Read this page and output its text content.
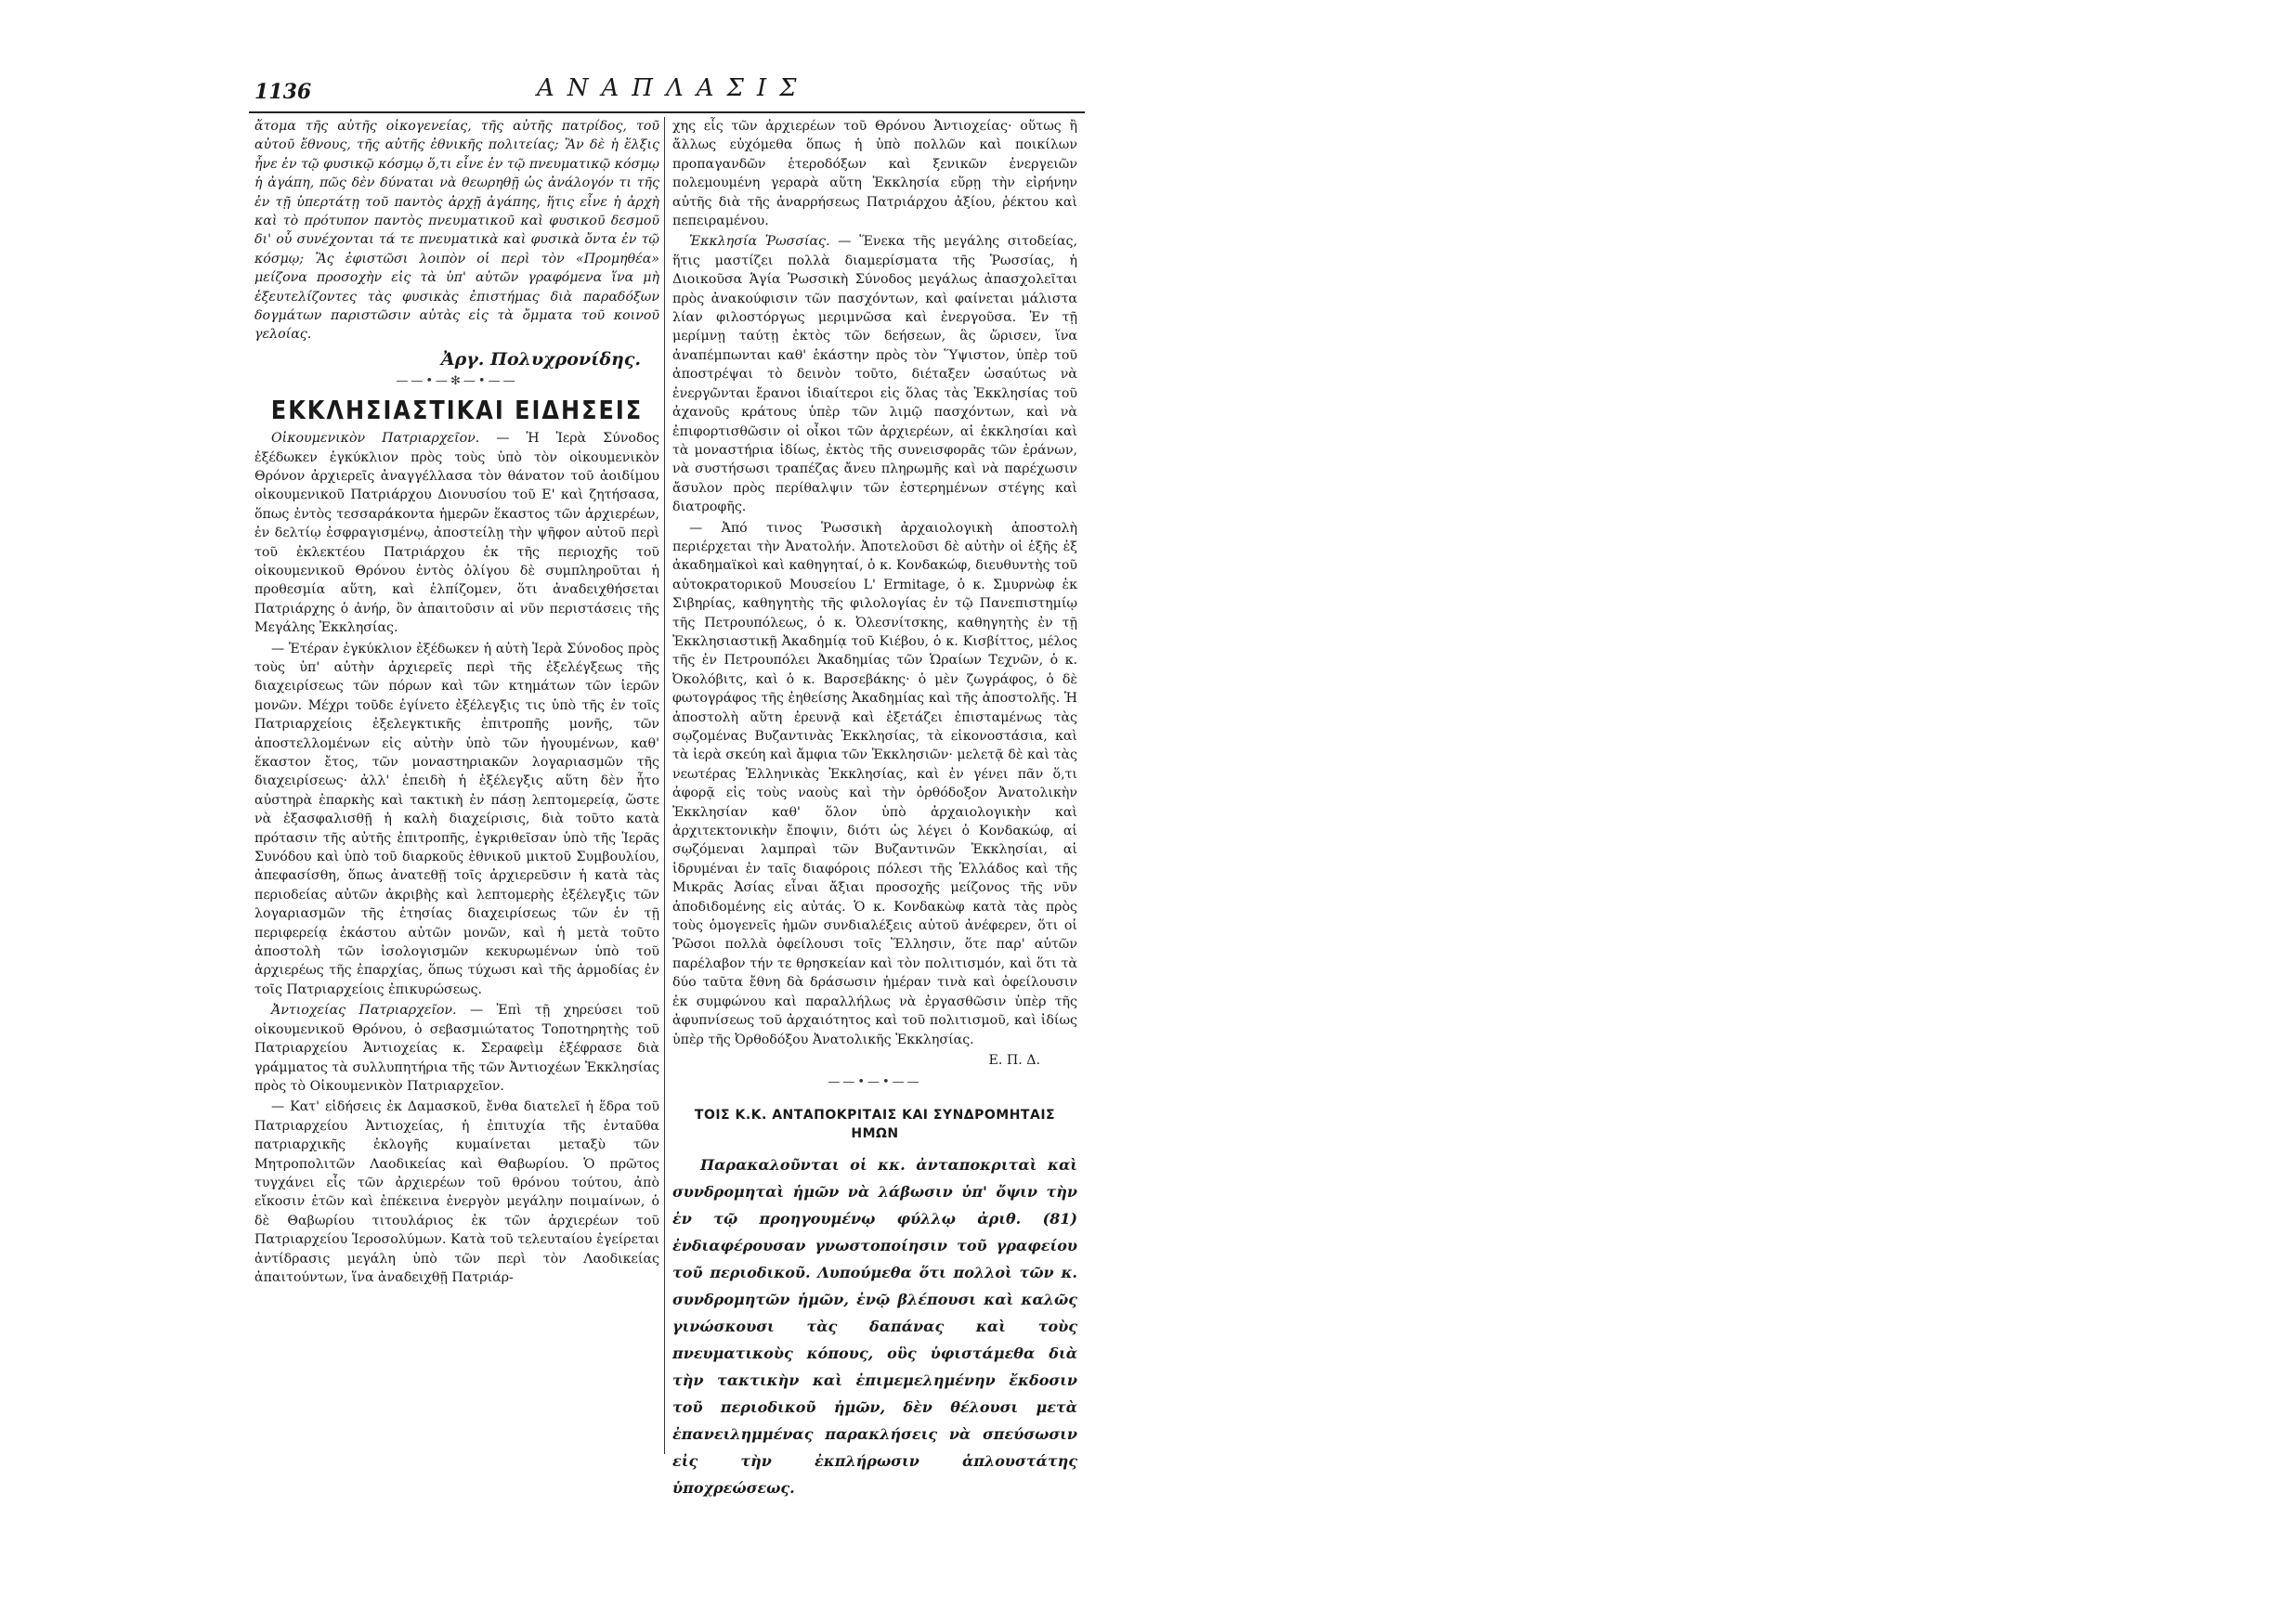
1136	ΑΝΑΠΛΑΣΙΣ

ἄτομα τῆς αὐτῆς οἰκογενείας, τῆς αὐτῆς πατρίδος, τοῦ αὐτοῦ ἔθνους, τῆς αὐτῆς ἐθνικῆς πολιτείας; Ἂν δὲ ἡ ἕλξις ἦνε ἐν τῷ φυσικῷ κόσμῳ ὅ,τι εἶνε ἐν τῷ πνευματικῷ κόσμῳ ἡ ἀγάπη, πῶς δὲν δύναται νὰ θεωρηθῇ ὡς ἀνάλογόν τι τῆς ἐν τῇ ὑπερτάτῃ τοῦ παντὸς ἀρχῇ ἀγάπης, ἥτις εἶνε ἡ ἀρχὴ καὶ τὸ πρότυπον παντὸς πνευματικοῦ καὶ φυσικοῦ δεσμοῦ δι' οὗ συνέχονται τά τε πνευματικὰ καὶ φυσικὰ ὄντα ἐν τῷ κόσμῳ; Ἂς ἐφιστῶσι λοιπὸν οἱ περὶ τὸν «Προμηθέα» μείζονα προσοχὴν εἰς τὰ ὑπ' αὐτῶν γραφόμενα ἵνα μὴ ἐξευτελίζοντες τὰς φυσικὰς ἐπιστήμας διὰ παραδόξων δογμάτων παριστῶσιν αὐτὰς εἰς τὰ ὄμματα τοῦ κοινοῦ γελοίας.

Ἀργ. Πολυχρονίδης.
——•—✻—•——
ΕΚΚΛΗΣΙΑΣΤΙΚΑΙ ΕΙΔΗΣΕΙΣ

Οἰκουμενικὸν Πατριαρχεῖον. — Ἡ Ἱερὰ Σύνοδος ἐξέδωκεν ἐγκύκλιον πρὸς τοὺς ὑπὸ τὸν οἰκουμενικὸν Θρόνον ἀρχιερεῖς ἀναγγέλλασα τὸν θάνατον τοῦ ἀοιδίμου οἰκουμενικοῦ Πατριάρχου Διονυσίου τοῦ Ε' καὶ ζητήσασα, ὅπως ἐντὸς τεσσαράκοντα ἡμερῶν ἕκαστος τῶν ἀρχιερέων, ἐν δελτίῳ ἐσφραγισμένῳ, ἀποστείλῃ τὴν ψῆφον αὐτοῦ περὶ τοῦ ἐκλεκτέου Πατριάρχου ἐκ τῆς περιοχῆς τοῦ οἰκουμενικοῦ Θρόνου ἐντὸς ὀλίγου δὲ συμπληροῦται ἡ προθεσμία αὕτη, καὶ ἐλπίζομεν, ὅτι ἀναδειχθήσεται Πατριάρχης ὁ ἀνήρ, ὃν ἀπαιτοῦσιν αἱ νῦν περιστάσεις τῆς Μεγάλης Ἐκκλησίας.

— Ἑτέραν ἐγκύκλιον ἐξέδωκεν ἡ αὐτὴ Ἱερὰ Σύνοδος πρὸς τοὺς ὑπ' αὐτὴν ἀρχιερεῖς περὶ τῆς ἐξελέγξεως τῆς διαχειρίσεως τῶν πόρων καὶ τῶν κτημάτων τῶν ἱερῶν μονῶν. Μέχρι τοῦδε ἐγίνετο ἐξέλεγξις τις ὑπὸ τῆς ἐν τοῖς Πατριαρχείοις ἐξελεγκτικῆς ἐπιτροπῆς μονῆς, τῶν ἀποστελλομένων εἰς αὐτὴν ὑπὸ τῶν ἡγουμένων, καθ' ἕκαστον ἔτος, τῶν μοναστηριακῶν λογαριασμῶν τῆς διαχειρίσεως· ἀλλ' ἐπειδὴ ἡ ἐξέλεγξις αὕτη δὲν ἦτο αὐστηρὰ ἐπαρκὴς καὶ τακτικὴ ἐν πάσῃ λεπτομερείᾳ, ὥστε νὰ ἐξασφαλισθῇ ἡ καλὴ διαχείρισις, διὰ τοῦτο κατὰ πρότασιν τῆς αὐτῆς ἐπιτροπῆς, ἐγκριθεῖσαν ὑπὸ τῆς Ἱερᾶς Συνόδου καὶ ὑπὸ τοῦ διαρκοῦς ἐθνικοῦ μικτοῦ Συμβουλίου, ἀπεφασίσθη, ὅπως ἀνατεθῇ τοῖς ἀρχιερεῦσιν ἡ κατὰ τὰς περιοδείας αὐτῶν ἀκριβὴς καὶ λεπτομερὴς ἐξέλεγξις τῶν λογαριασμῶν τῆς ἐτησίας διαχειρίσεως τῶν ἐν τῇ περιφερείᾳ ἑκάστου αὐτῶν μονῶν, καὶ ἡ μετὰ τοῦτο ἀποστολὴ τῶν ἰσολογισμῶν κεκυρωμένων ὑπὸ τοῦ ἀρχιερέως τῆς ἐπαρχίας, ὅπως τύχωσι καὶ τῆς ἁρμοδίας ἐν τοῖς Πατριαρχείοις ἐπικυρώσεως.

Ἀντιοχείας Πατριαρχεῖον. — Ἐπὶ τῇ χηρεύσει τοῦ οἰκουμενικοῦ Θρόνου, ὁ σεβασμιώτατος Τοποτηρητὴς τοῦ Πατριαρχείου Ἀντιοχείας κ. Σεραφεὶμ ἐξέφρασε διὰ γράμματος τὰ συλλυπητήρια τῆς τῶν Ἀντιοχέων Ἐκκλησίας πρὸς τὸ Οἰκουμενικὸν Πατριαρχεῖον.

— Κατ' εἰδήσεις ἐκ Δαμασκοῦ, ἔνθα διατελεῖ ἡ ἕδρα τοῦ Πατριαρχείου Ἀντιοχείας, ἡ ἐπιτυχία τῆς ἐνταῦθα πατριαρχικῆς ἐκλογῆς κυμαίνεται μεταξὺ τῶν Μητροπολιτῶν Λαοδικείας καὶ Θαβωρίου. Ὁ πρῶτος τυγχάνει εἷς τῶν ἀρχιερέων τοῦ θρόνου τούτου, ἀπὸ εἴκοσιν ἐτῶν καὶ ἐπέκεινα ἐνεργὸν μεγάλην ποιμαίνων, ὁ δὲ Θαβωρίου τιτουλάριος ἐκ τῶν ἀρχιερέων τοῦ Πατριαρχείου Ἱεροσολύμων. Κατὰ τοῦ τελευταίου ἐγείρεται ἀντίδρασις μεγάλη ὑπὸ τῶν περὶ τὸν Λαοδικείας ἀπαιτούντων, ἵνα ἀναδειχθῇ Πατριάρ-

χης εἷς τῶν ἀρχιερέων τοῦ Θρόνου Ἀντιοχείας· οὕτως ἢ ἄλλως εὐχόμεθα ὅπως ἡ ὑπὸ πολλῶν καὶ ποικίλων προπαγανδῶν ἑτεροδόξων καὶ ξενικῶν ἐνεργειῶν πολεμουμένη γεραρὰ αὕτη Ἐκκλησία εὕρῃ τὴν εἰρήνην αὐτῆς διὰ τῆς ἀναρρήσεως Πατριάρχου ἀξίου, ῥέκτου καὶ πεπειραμένου.

Ἐκκλησία Ῥωσσίας. — Ἕνεκα τῆς μεγάλης σιτοδείας, ἥτις μαστίζει πολλὰ διαμερίσματα τῆς Ῥωσσίας, ἡ Διοικοῦσα Ἁγία Ῥωσσικὴ Σύνοδος μεγάλως ἀπασχολεῖται πρὸς ἀνακούφισιν τῶν πασχόντων, καὶ φαίνεται μάλιστα λίαν φιλοστόργως μεριμνῶσα καὶ ἐνεργοῦσα. Ἐν τῇ μερίμνῃ ταύτῃ ἐκτὸς τῶν δεήσεων, ἃς ὥρισεν, ἵνα ἀναπέμπωνται καθ' ἑκάστην πρὸς τὸν Ὕψιστον, ὑπὲρ τοῦ ἀποστρέψαι τὸ δεινὸν τοῦτο, διέταξεν ὡσαύτως νὰ ἐνεργῶνται ἔρανοι ἰδιαίτεροι εἰς ὅλας τὰς Ἐκκλησίας τοῦ ἀχανοῦς κράτους ὑπὲρ τῶν λιμῷ πασχόντων, καὶ νὰ ἐπιφορτισθῶσιν οἱ οἶκοι τῶν ἀρχιερέων, αἱ ἐκκλησίαι καὶ τὰ μοναστήρια ἰδίως, ἐκτὸς τῆς συνεισφορᾶς τῶν ἐράνων, νὰ συστήσωσι τραπέζας ἄνευ πληρωμῆς καὶ νὰ παρέχωσιν ἄσυλον πρὸς περίθαλψιν τῶν ἐστερημένων στέγης καὶ διατροφῆς.

— Ἀπό τινος Ῥωσσικὴ ἀρχαιολογικὴ ἀποστολὴ περιέρχεται τὴν Ἀνατολήν. Ἀποτελοῦσι δὲ αὐτὴν οἱ ἑξῆς ἐξ ἀκαδημαϊκοὶ καὶ καθηγηταί, ὁ κ. Κονδακώφ, διευθυντὴς τοῦ αὐτοκρατορικοῦ Μουσείου L' Ermitage, ὁ κ. Σμυρνὼφ ἐκ Σιβηρίας, καθηγητὴς τῆς φιλολογίας ἐν τῷ Πανεπιστημίῳ τῆς Πετρουπόλεως, ὁ κ. Ὀλεσνίτσκης, καθηγητὴς ἐν τῇ Ἐκκλησιαστικῇ Ἀκαδημίᾳ τοῦ Κιέβου, ὁ κ. Κισβίττος, μέλος τῆς ἐν Πετρουπόλει Ἀκαδημίας τῶν Ὡραίων Τεχνῶν, ὁ κ. Ὀκολόβιτς, καὶ ὁ κ. Βαρσεβάκης· ὁ μὲν ζωγράφος, ὁ δὲ φωτογράφος τῆς ἐηθείσης Ἀκαδημίας καὶ τῆς ἀποστολῆς. Ἡ ἀποστολὴ αὕτη ἐρευνᾷ καὶ ἐξετάζει ἐπισταμένως τὰς σῳζομένας Βυζαντινὰς Ἐκκλησίας, τὰ εἰκονοστάσια, καὶ τὰ ἱερὰ σκεύη καὶ ἄμφια τῶν Ἐκκλησιῶν· μελετᾷ δὲ καὶ τὰς νεωτέρας Ἑλληνικὰς Ἐκκλησίας, καὶ ἐν γένει πᾶν ὅ,τι ἀφορᾷ εἰς τοὺς ναοὺς καὶ τὴν ὀρθόδοξον Ἀνατολικὴν Ἐκκλησίαν καθ' ὅλον ὑπὸ ἀρχαιολογικὴν καὶ ἀρχιτεκτονικὴν ἔποψιν, διότι ὡς λέγει ὁ Κονδακώφ, αἱ σῳζόμεναι λαμπραὶ τῶν Βυζαντινῶν Ἐκκλησίαι, αἱ ἱδρυμέναι ἐν ταῖς διαφόροις πόλεσι τῆς Ἑλλάδος καὶ τῆς Μικρᾶς Ἀσίας εἶναι ἄξιαι προσοχῆς μείζονος τῆς νῦν ἀποδιδομένης εἰς αὐτάς. Ὁ κ. Κονδακὼφ κατὰ τὰς πρὸς τοὺς ὁμογενεῖς ἡμῶν συνδιαλέξεις αὐτοῦ ἀνέφερεν, ὅτι οἱ Ῥῶσοι πολλὰ ὀφείλουσι τοῖς Ἕλλησιν, ὅτε παρ' αὐτῶν παρέλαβον τήν τε θρησκείαν καὶ τὸν πολιτισμόν, καὶ ὅτι τὰ δύο ταῦτα ἔθνη δὰ δράσωσιν ἡμέραν τινὰ καὶ ὀφείλουσιν ἐκ συμφώνου καὶ παραλλήλως νὰ ἐργασθῶσιν ὑπὲρ τῆς ἀφυπνίσεως τοῦ ἀρχαιότητος καὶ τοῦ πολιτισμοῦ, καὶ ἰδίως ὑπὲρ τῆς Ὀρθοδόξου Ἀνατολικῆς Ἐκκλησίας.

Ε. Π. Δ.
——•—•——
ΤΟΙΣ Κ.Κ. ΑΝΤΑΠΟΚΡΙΤΑΙΣ ΚΑΙ ΣΥΝΔΡΟΜΗΤΑΙΣ ΗΜΩΝ

Παρακαλοῦνται οἱ κκ. ἀνταποκριταὶ καὶ συνδρομηταὶ ἡμῶν νὰ λάβωσιν ὑπ' ὄψιν τὴν ἐν τῷ προηγουμένῳ φύλλῳ ἀριθ. (81) ἐνδιαφέρουσαν γνωστοποίησιν τοῦ γραφείου τοῦ περιοδικοῦ. Λυπούμεθα ὅτι πολλοὶ τῶν κ. συνδρομητῶν ἡμῶν, ἐνῷ βλέπουσι καὶ καλῶς γινώσκουσι τὰς δαπάνας καὶ τοὺς πνευματικοὺς κόπους, οὓς ὑφιστάμεθα διὰ τὴν τακτικὴν καὶ ἐπιμεμελημένην ἔκδοσιν τοῦ περιοδικοῦ ἡμῶν, δὲν θέλουσι μετὰ ἐπανειλημμένας παρακλήσεις νὰ σπεύσωσιν εἰς τὴν ἐκπλήρωσιν ἁπλουστάτης ὑποχρεώσεως.
